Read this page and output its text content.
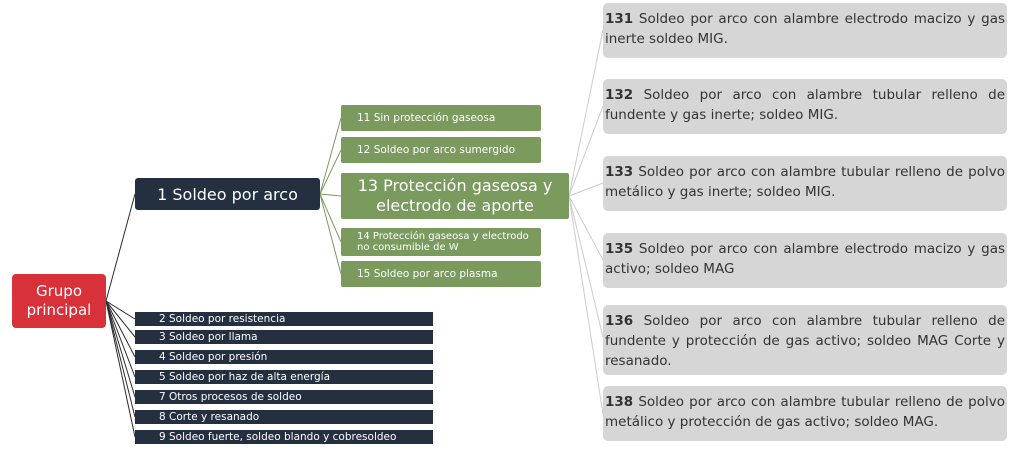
Grupo principal
1 Soldeo por arco
11 Sin protección gaseosa
12 Soldeo por arco sumergido
13 Protección gaseosa y electrodo de aporte
14 Protección gaseosa y electrodo no consumible de W
15 Soldeo por arco plasma
2 Soldeo por resistencia
3 Soldeo por llama
4 Soldeo por presión
5 Soldeo por haz de alta energía
7 Otros procesos de soldeo
8 Corte y resanado
9 Soldeo fuerte, soldeo blando y cobresoldeo
131 Soldeo por arco con alambre electrodo macizo y gas inerte soldeo MIG.
132 Soldeo por arco con alambre tubular relleno de fundente y gas inerte; soldeo MIG.
133 Soldeo por arco con alambre tubular relleno de polvo metálico y gas inerte; soldeo MIG.
135 Soldeo por arco con alambre electrodo macizo y gas activo; soldeo MAG
136 Soldeo por arco con alambre tubular relleno de fundente y protección de gas activo; soldeo MAG Corte y resanado.
138 Soldeo por arco con alambre tubular relleno de polvo metálico y protección de gas activo; soldeo MAG.
